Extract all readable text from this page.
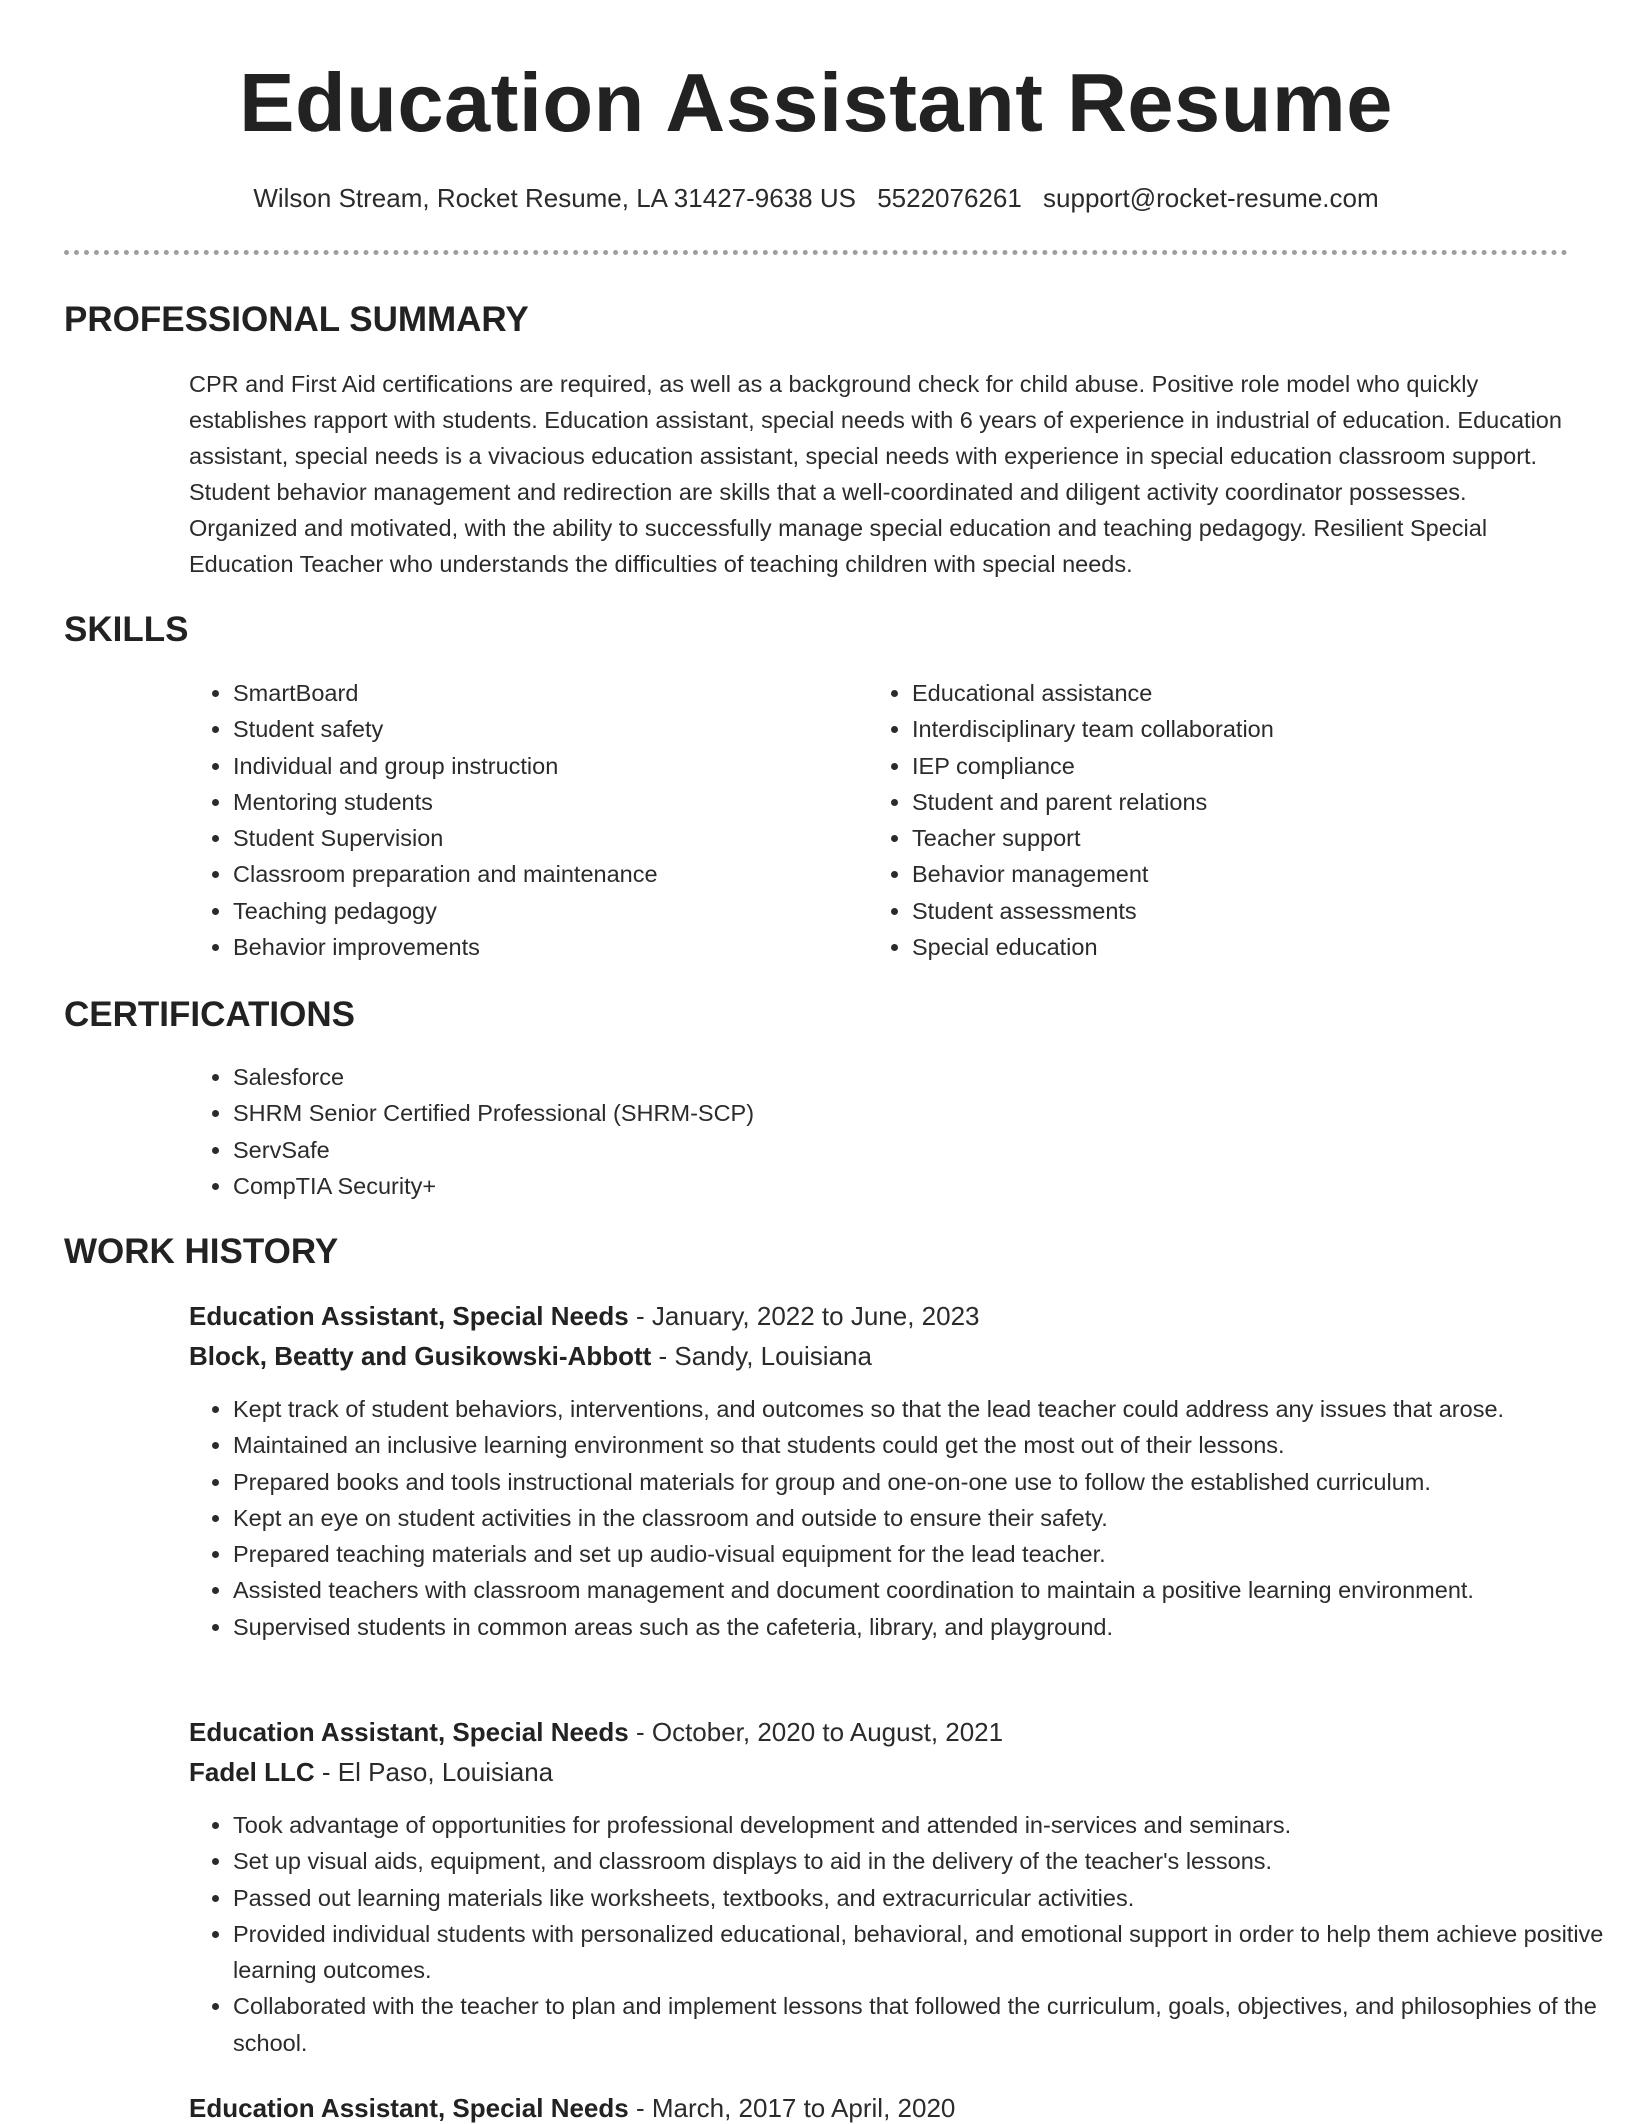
Education Assistant Resume
Wilson Stream, Rocket Resume, LA 31427-9638 US 5522076261 support@rocket-resume.com
PROFESSIONAL SUMMARY

CPR and First Aid certifications are required, as well as a background check for child abuse. Positive role model who quickly establishes rapport with students. Education assistant, special needs with 6 years of experience in industrial of education. Education assistant, special needs is a vivacious education assistant, special needs with experience in special education classroom support. Student behavior management and redirection are skills that a well-coordinated and diligent activity coordinator possesses. Organized and motivated, with the ability to successfully manage special education and teaching pedagogy. Resilient Special Education Teacher who understands the difficulties of teaching children with special needs.

SKILLS
• SmartBoard
• Student safety
• Individual and group instruction
• Mentoring students
• Student Supervision
• Classroom preparation and maintenance
• Teaching pedagogy
• Behavior improvements
• Educational assistance
• Interdisciplinary team collaboration
• IEP compliance
• Student and parent relations
• Teacher support
• Behavior management
• Student assessments
• Special education
CERTIFICATIONS
• Salesforce
• SHRM Senior Certified Professional (SHRM-SCP)
• ServSafe
• CompTIA Security+
WORK HISTORY
Education Assistant, Special Needs - January, 2022 to June, 2023
Block, Beatty and Gusikowski-Abbott - Sandy, Louisiana
• Kept track of student behaviors, interventions, and outcomes so that the lead teacher could address any issues that arose.
• Maintained an inclusive learning environment so that students could get the most out of their lessons.
• Prepared books and tools instructional materials for group and one-on-one use to follow the established curriculum.
• Kept an eye on student activities in the classroom and outside to ensure their safety.
• Prepared teaching materials and set up audio-visual equipment for the lead teacher.
• Assisted teachers with classroom management and document coordination to maintain a positive learning environment.
• Supervised students in common areas such as the cafeteria, library, and playground.
Education Assistant, Special Needs - October, 2020 to August, 2021
Fadel LLC - El Paso, Louisiana
• Took advantage of opportunities for professional development and attended in-services and seminars.
• Set up visual aids, equipment, and classroom displays to aid in the delivery of the teacher's lessons.
• Passed out learning materials like worksheets, textbooks, and extracurricular activities.
• Provided individual students with personalized educational, behavioral, and emotional support in order to help them achieve positive learning outcomes.
• Collaborated with the teacher to plan and implement lessons that followed the curriculum, goals, objectives, and philosophies of the school.
Education Assistant, Special Needs - March, 2017 to April, 2020
